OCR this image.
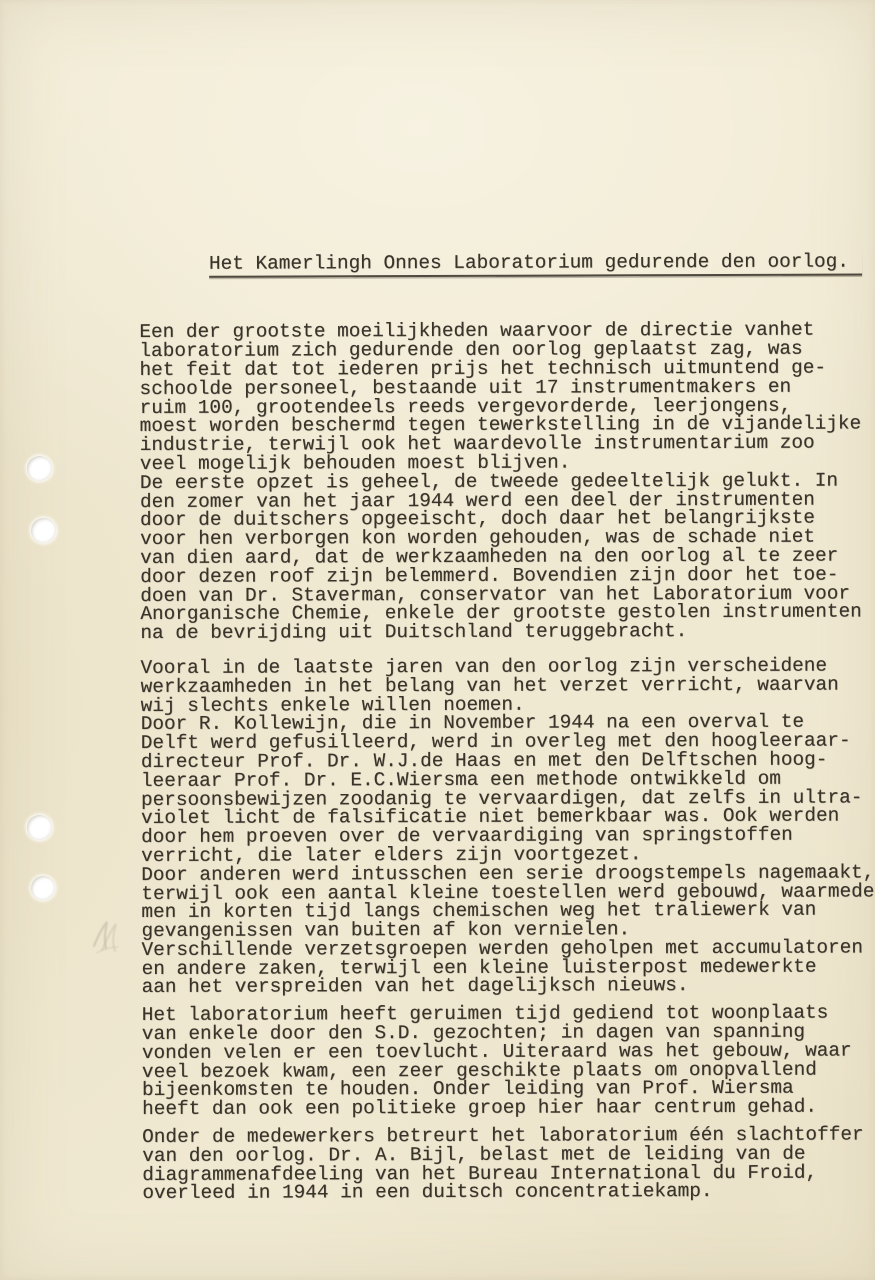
Het Kamerlingh Onnes Laboratorium gedurende den oorlog.

Een der grootste moeilijkheden waarvoor de directie vanhet
laboratorium zich gedurende den oorlog geplaatst zag, was
het feit dat tot iederen prijs het technisch uitmuntend ge-
schoolde personeel, bestaande uit 17 instrumentmakers en
ruim 100, grootendeels reeds vergevorderde, leerjongens,
moest worden beschermd tegen tewerkstelling in de vijandelijke
industrie, terwijl ook het waardevolle instrumentarium zoo
veel mogelijk behouden moest blijven.
De eerste opzet is geheel, de tweede gedeeltelijk gelukt. In
den zomer van het jaar 1944 werd een deel der instrumenten
door de duitschers opgeeischt, doch daar het belangrijkste
voor hen verborgen kon worden gehouden, was de schade niet
van dien aard, dat de werkzaamheden na den oorlog al te zeer
door dezen roof zijn belemmerd. Bovendien zijn door het toe-
doen van Dr. Staverman, conservator van het Laboratorium voor
Anorganische Chemie, enkele der grootste gestolen instrumenten
na de bevrijding uit Duitschland teruggebracht.
Vooral in de laatste jaren van den oorlog zijn verscheidene
werkzaamheden in het belang van het verzet verricht, waarvan
wij slechts enkele willen noemen.
Door R. Kollewijn, die in November 1944 na een overval te
Delft werd gefusilleerd, werd in overleg met den hoogleeraar-
directeur Prof. Dr. W.J.de Haas en met den Delftschen hoog-
leeraar Prof. Dr. E.C.Wiersma een methode ontwikkeld om
persoonsbewijzen zoodanig te vervaardigen, dat zelfs in ultra-
violet licht de falsificatie niet bemerkbaar was. Ook werden
door hem proeven over de vervaardiging van springstoffen
verricht, die later elders zijn voortgezet.
Door anderen werd intusschen een serie droogstempels nagemaakt,
terwijl ook een aantal kleine toestellen werd gebouwd, waarmede
men in korten tijd langs chemischen weg het traliewerk van
gevangenissen van buiten af kon vernielen.
Verschillende verzetsgroepen werden geholpen met accumulatoren
en andere zaken, terwijl een kleine luisterpost medewerkte
aan het verspreiden van het dagelijksch nieuws.
Het laboratorium heeft geruimen tijd gediend tot woonplaats
van enkele door den S.D. gezochten; in dagen van spanning
vonden velen er een toevlucht. Uiteraard was het gebouw, waar
veel bezoek kwam, een zeer geschikte plaats om onopvallend
bijeenkomsten te houden. Onder leiding van Prof. Wiersma
heeft dan ook een politieke groep hier haar centrum gehad.
Onder de medewerkers betreurt het laboratorium één slachtoffer
van den oorlog. Dr. A. Bijl, belast met de leiding van de
diagrammenafdeeling van het Bureau International du Froid,
overleed in 1944 in een duitsch concentratiekamp.
